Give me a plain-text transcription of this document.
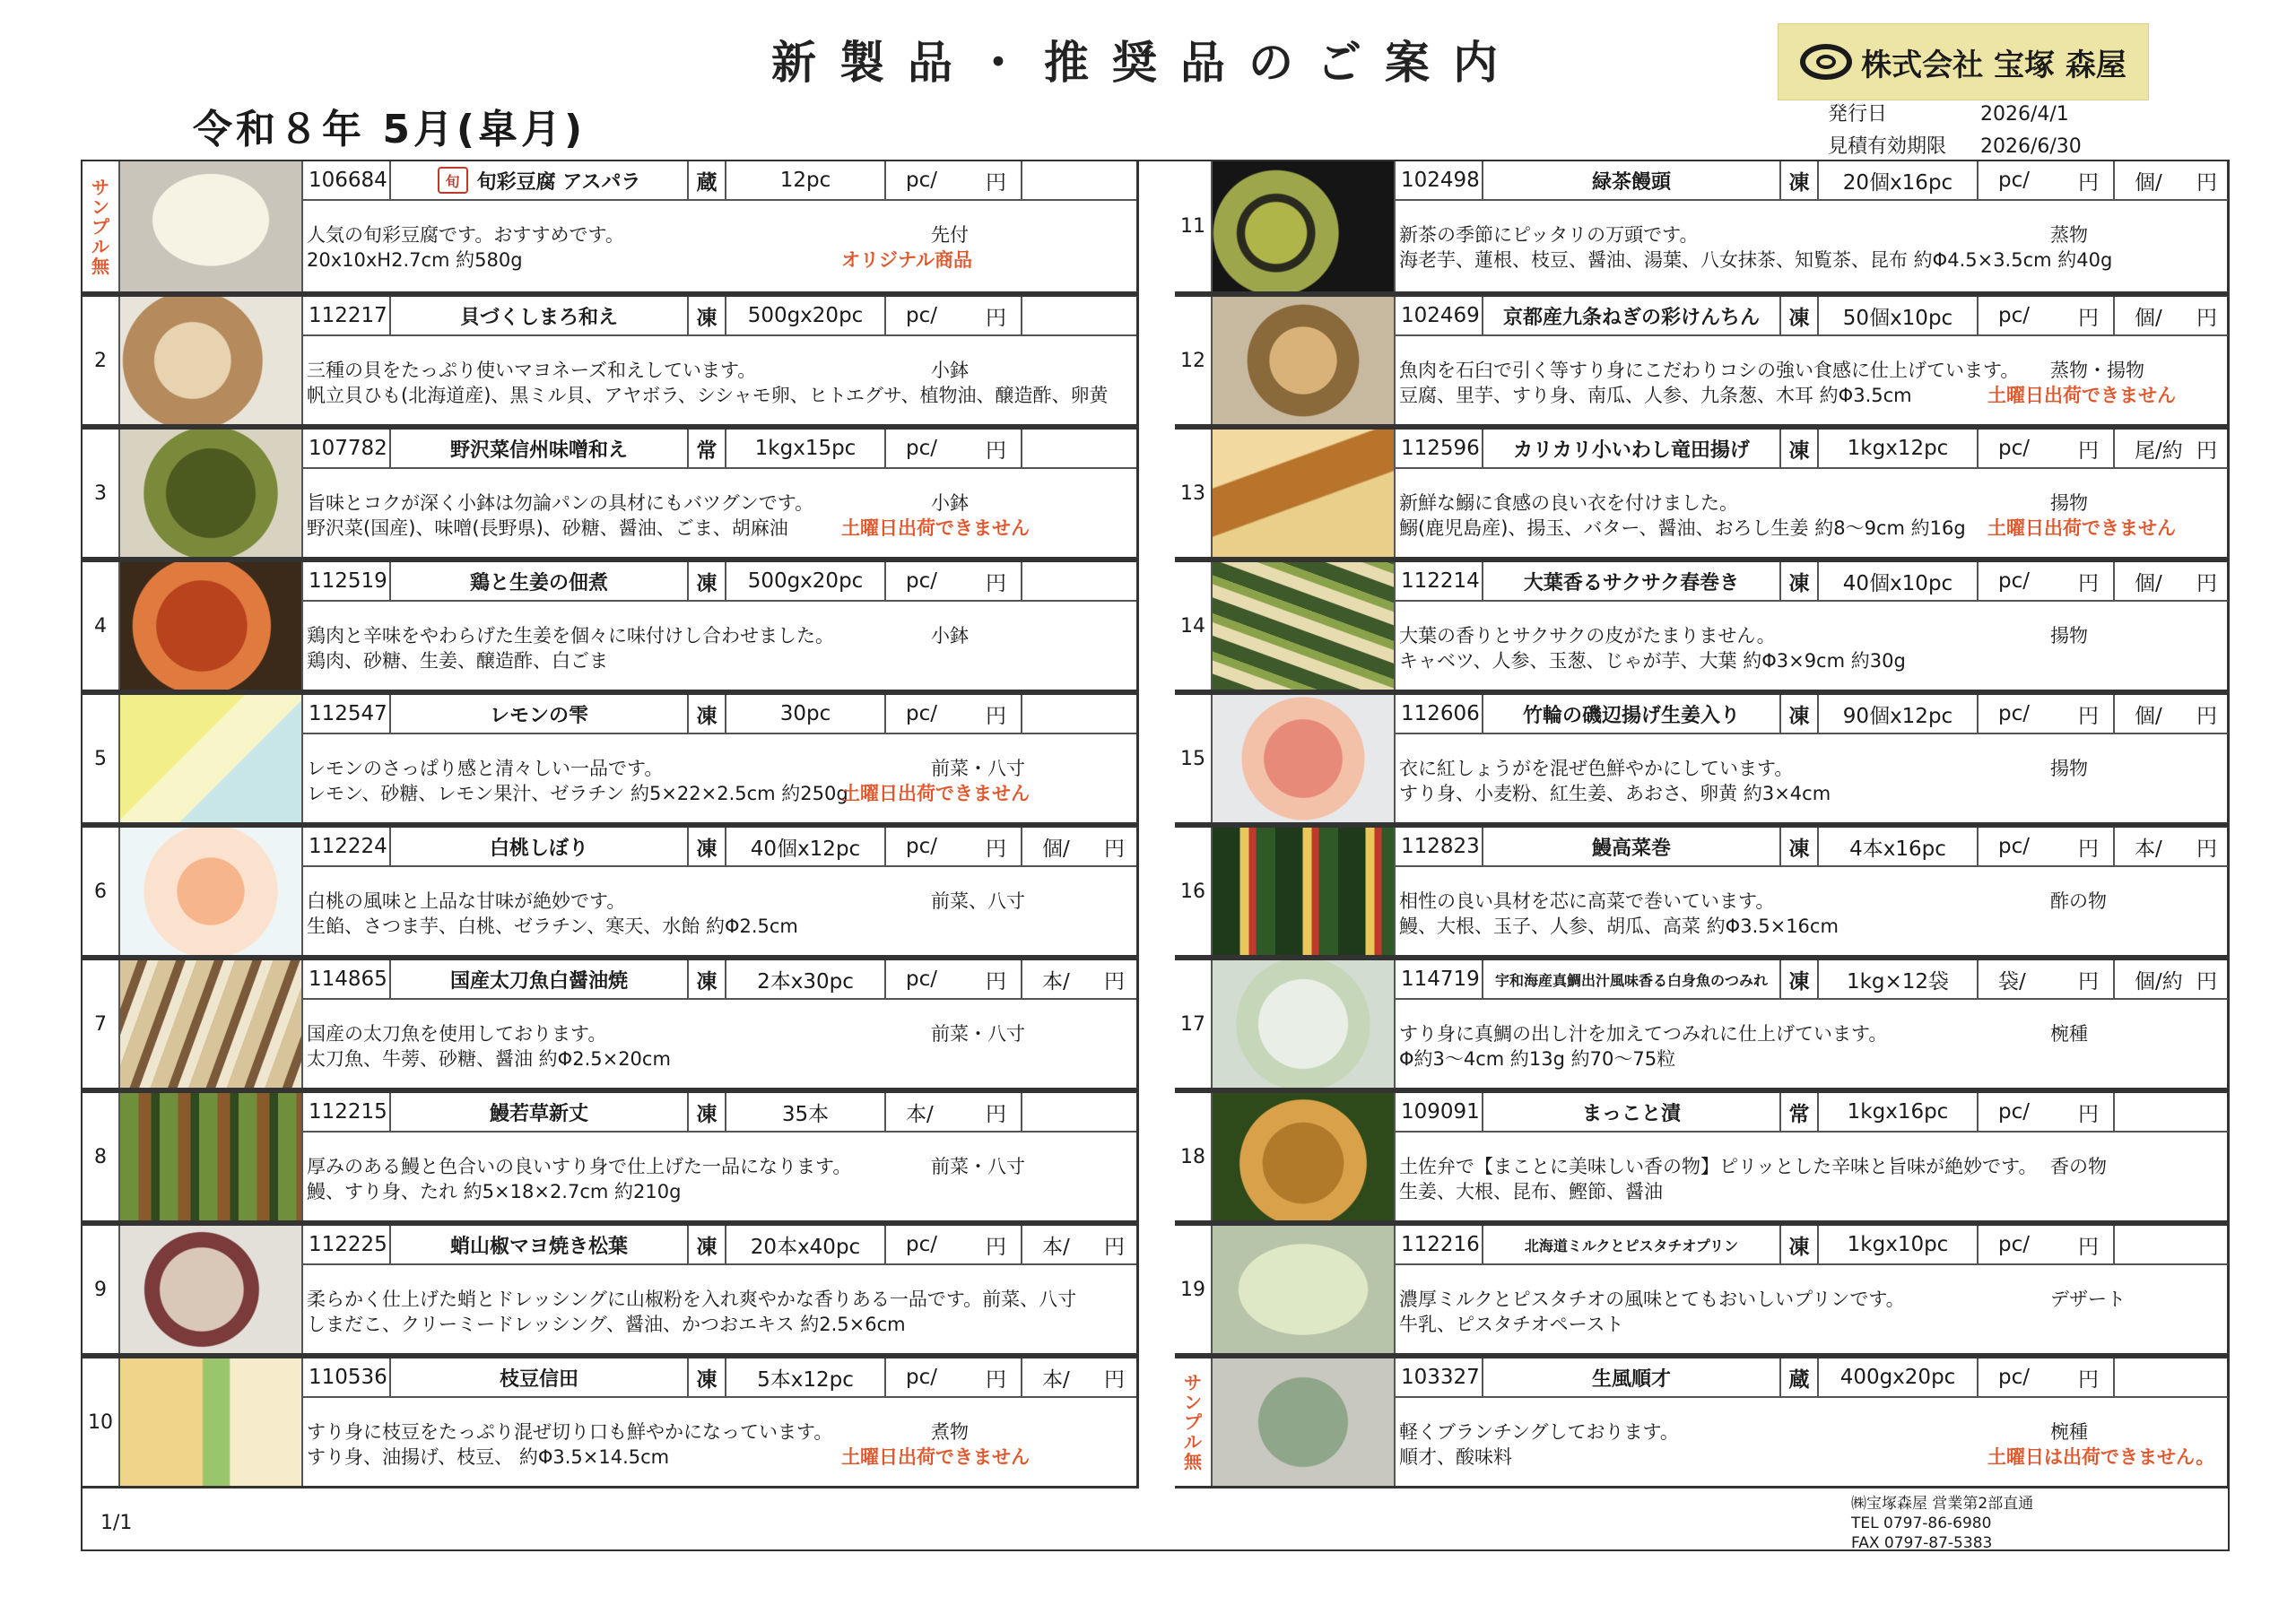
新製品・推奨品のご案内
令和８年 5月(皐月)
株式会社 宝塚 森屋
発行日	2026/4/1
見積有効期限	2026/6/30
サ
ン
プ
ル
無
106684	旬 旬彩豆腐 アスパラ	蔵	12pc	pc/ 円
人気の旬彩豆腐です。おすすめです。
20x10xH2.7cm 約580g
先付
オリジナル商品
2
112217	貝づくしまろ和え	凍	500gx20pc	pc/ 円
三種の貝をたっぷり使いマヨネーズ和えしています。
帆立貝ひも(北海道産)、黒ミル貝、アヤボラ、シシャモ卵、ヒトエグサ、植物油、醸造酢、卵黄
小鉢
3
107782	野沢菜信州味噌和え	常	1kgx15pc	pc/ 円
旨味とコクが深く小鉢は勿論パンの具材にもバツグンです。
野沢菜(国産)、味噌(長野県)、砂糖、醤油、ごま、胡麻油
小鉢
土曜日出荷できません
4
112519	鶏と生姜の佃煮	凍	500gx20pc	pc/ 円
鶏肉と辛味をやわらげた生姜を個々に味付けし合わせました。
鶏肉、砂糖、生姜、醸造酢、白ごま
小鉢
5
112547	レモンの雫	凍	30pc	pc/ 円
レモンのさっぱり感と清々しい一品です。
レモン、砂糖、レモン果汁、ゼラチン 約5×22×2.5cm 約250g
前菜・八寸
土曜日出荷できません
6
112224	白桃しぼり	凍	40個x12pc	pc/ 円 個/ 円
白桃の風味と上品な甘味が絶妙です。
生餡、さつま芋、白桃、ゼラチン、寒天、水飴 約Φ2.5cm
前菜、八寸
7
114865	国産太刀魚白醤油焼	凍	2本x30pc	pc/ 円 本/ 円
国産の太刀魚を使用しております。
太刀魚、牛蒡、砂糖、醤油 約Φ2.5×20cm
前菜・八寸
8
112215	鰻若草新丈	凍	35本	本/	円
厚みのある鰻と色合いの良いすり身で仕上げた一品になります。
鰻、すり身、たれ 約5×18×2.7cm 約210g
前菜・八寸
9
112225	蛸山椒マヨ焼き松葉	凍	20本x40pc	pc/ 円 本/ 円
柔らかく仕上げた蛸とドレッシングに山椒粉を入れ爽やかな香りある一品です。前菜、八寸
しまだこ、クリーミードレッシング、醤油、かつおエキス 約2.5×6cm
10
110536	枝豆信田	凍	5本x12pc	pc/ 円 本/ 円
すり身に枝豆をたっぷり混ぜ切り口も鮮やかになっています。
すり身、油揚げ、枝豆、 約Φ3.5×14.5cm
煮物
土曜日出荷できません
11
102498	緑茶饅頭	凍	20個x16pc	pc/ 円 個/ 円
新茶の季節にピッタリの万頭です。
海老芋、蓮根、枝豆、醤油、湯葉、八女抹茶、知覧茶、昆布 約Φ4.5×3.5cm 約40g
蒸物
12
102469 京都産九条ねぎの彩けんちん	凍	50個x10pc	pc/ 円 個/ 円
魚肉を石臼で引く等すり身にこだわりコシの強い食感に仕上げています。
豆腐、里芋、すり身、南瓜、人参、九条葱、木耳 約Φ3.5cm
蒸物・揚物
土曜日出荷できません
13
112596 カリカリ小いわし竜田揚げ	凍	1kgx12pc	pc/ 円 尾/約 円
新鮮な鰯に食感の良い衣を付けました。
鰯(鹿児島産)、揚玉、バター、醤油、おろし生姜 約8～9cm 約16g
揚物
土曜日出荷できません
14
112214 大葉香るサクサク春巻き	凍	40個x10pc	pc/ 円 個/ 円
大葉の香りとサクサクの皮がたまりません。
キャベツ、人参、玉葱、じゃが芋、大葉 約Φ3×9cm 約30g
揚物
15
112606 竹輪の磯辺揚げ生姜入り	凍	90個x12pc	pc/ 円 個/ 円
衣に紅しょうがを混ぜ色鮮やかにしています。
すり身、小麦粉、紅生姜、あおさ、卵黄 約3×4cm
揚物
16
112823	鰻高菜巻	凍	4本x16pc	pc/ 円 本/ 円
相性の良い具材を芯に高菜で巻いています。
鰻、大根、玉子、人参、胡瓜、高菜 約Φ3.5×16cm
酢の物
17
114719 宇和海産真鯛出汁風味香る白身魚のつみれ	凍	1kg×12袋	袋/	円 個/約 円
すり身に真鯛の出し汁を加えてつみれに仕上げています。
Φ約3～4cm 約13g 約70～75粒
椀種
18
109091	まっこと漬	常	1kgx16pc	pc/ 円
土佐弁で【まことに美味しい香の物】ピリッとした辛味と旨味が絶妙です。
生姜、大根、昆布、鰹節、醤油
香の物
19
112216	北海道ミルクとピスタチオプリン	凍	1kgx10pc	pc/ 円
濃厚ミルクとピスタチオの風味とてもおいしいプリンです。
牛乳、ピスタチオペースト
デザート
サ
ン
プ
ル
無
103327	生風順才	蔵	400gx20pc	pc/ 円
軽くブランチングしております。
順才、酸味料
椀種
土曜日は出荷できません。
1/1
㈱宝塚森屋 営業第2部直通
TEL 0797-86-6980
FAX 0797-87-5383
